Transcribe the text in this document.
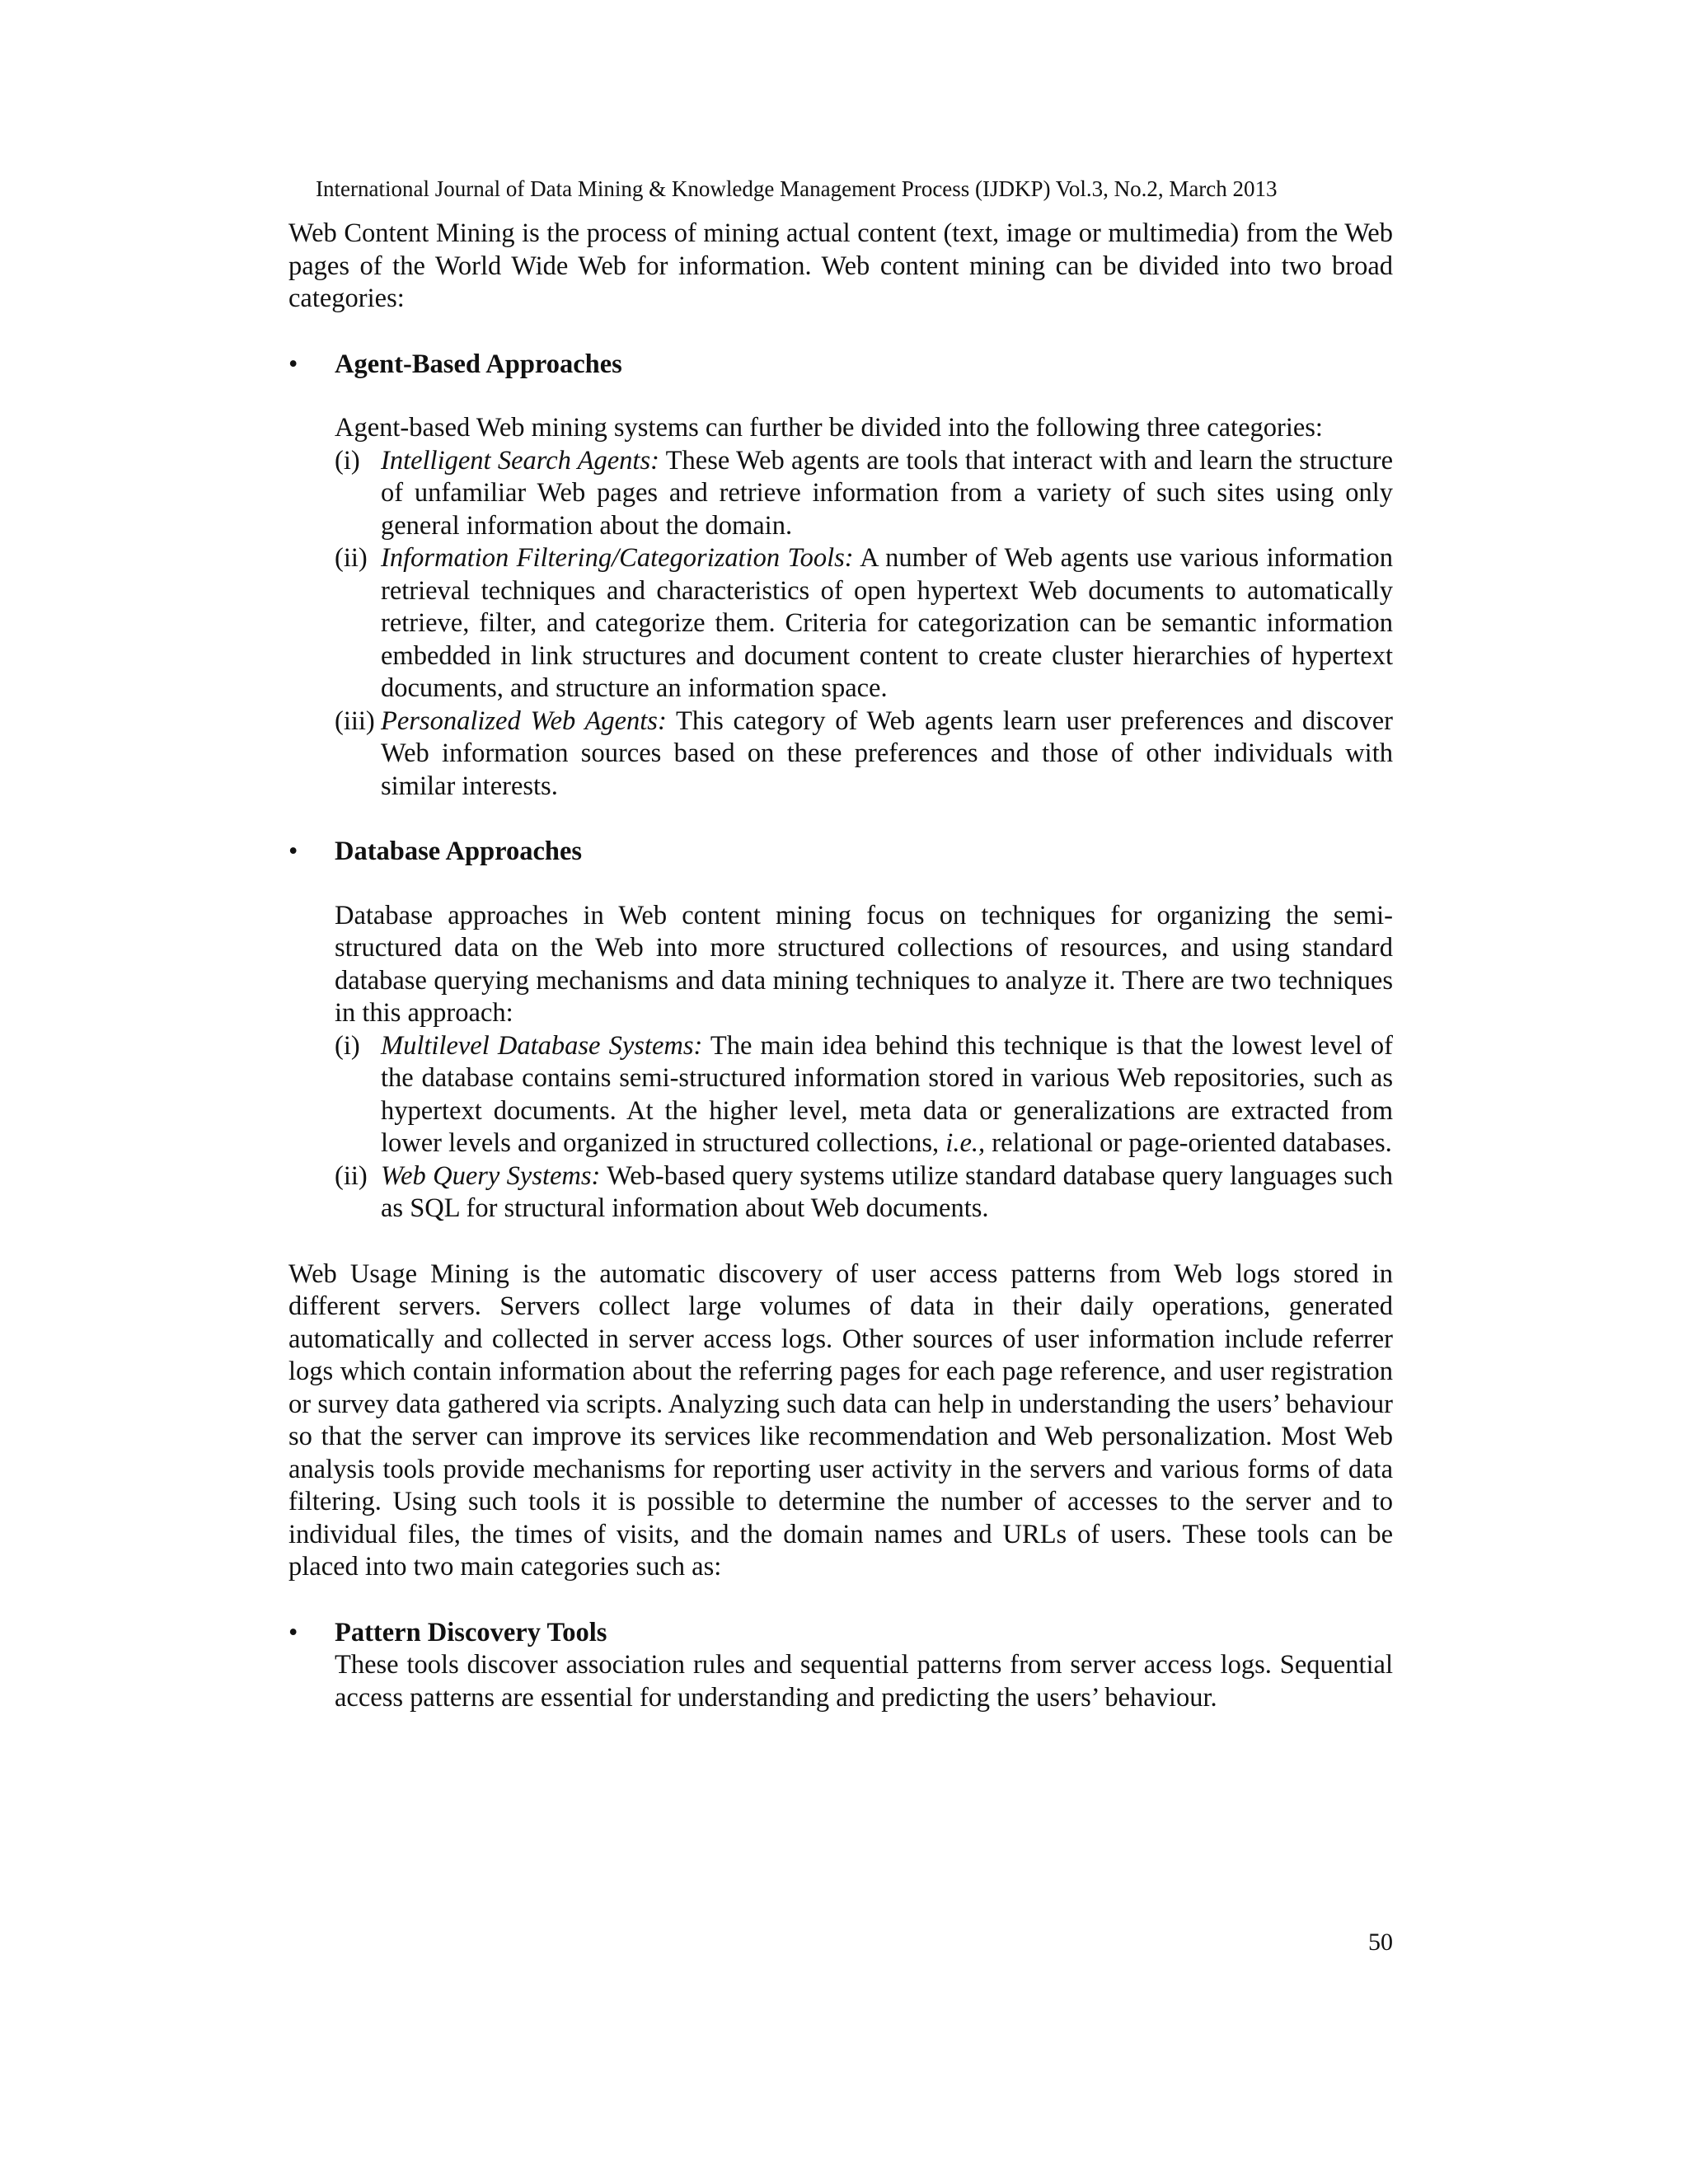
International Journal of Data Mining & Knowledge Management Process (IJDKP) Vol.3, No.2, March 2013

Web Content Mining is the process of mining actual content (text, image or multimedia) from the Web pages of the World Wide Web for information. Web content mining can be divided into two broad categories:

• Agent-Based Approaches

Agent-based Web mining systems can further be divided into the following three categories:

(i) Intelligent Search Agents: These Web agents are tools that interact with and learn the structure of unfamiliar Web pages and retrieve information from a variety of such sites using only general information about the domain.
(ii) Information Filtering/Categorization Tools: A number of Web agents use various information retrieval techniques and characteristics of open hypertext Web documents to automatically retrieve, filter, and categorize them. Criteria for categorization can be semantic information embedded in link structures and document content to create cluster hierarchies of hypertext documents, and structure an information space.
(iii) Personalized Web Agents: This category of Web agents learn user preferences and discover Web information sources based on these preferences and those of other individuals with similar interests.
• Database Approaches

Database approaches in Web content mining focus on techniques for organizing the semi-structured data on the Web into more structured collections of resources, and using standard database querying mechanisms and data mining techniques to analyze it. There are two techniques in this approach:

(i) Multilevel Database Systems: The main idea behind this technique is that the lowest level of the database contains semi-structured information stored in various Web repositories, such as hypertext documents. At the higher level, meta data or generalizations are extracted from lower levels and organized in structured collections, i.e., relational or page-oriented databases.
(ii) Web Query Systems: Web-based query systems utilize standard database query languages such as SQL for structural information about Web documents.

Web Usage Mining is the automatic discovery of user access patterns from Web logs stored in different servers. Servers collect large volumes of data in their daily operations, generated automatically and collected in server access logs. Other sources of user information include referrer logs which contain information about the referring pages for each page reference, and user registration or survey data gathered via scripts. Analyzing such data can help in understanding the users’ behaviour so that the server can improve its services like recommendation and Web personalization. Most Web analysis tools provide mechanisms for reporting user activity in the servers and various forms of data filtering. Using such tools it is possible to determine the number of accesses to the server and to individual files, the times of visits, and the domain names and URLs of users. These tools can be placed into two main categories such as:

• Pattern Discovery Tools

These tools discover association rules and sequential patterns from server access logs. Sequential access patterns are essential for understanding and predicting the users’ behaviour.

50
